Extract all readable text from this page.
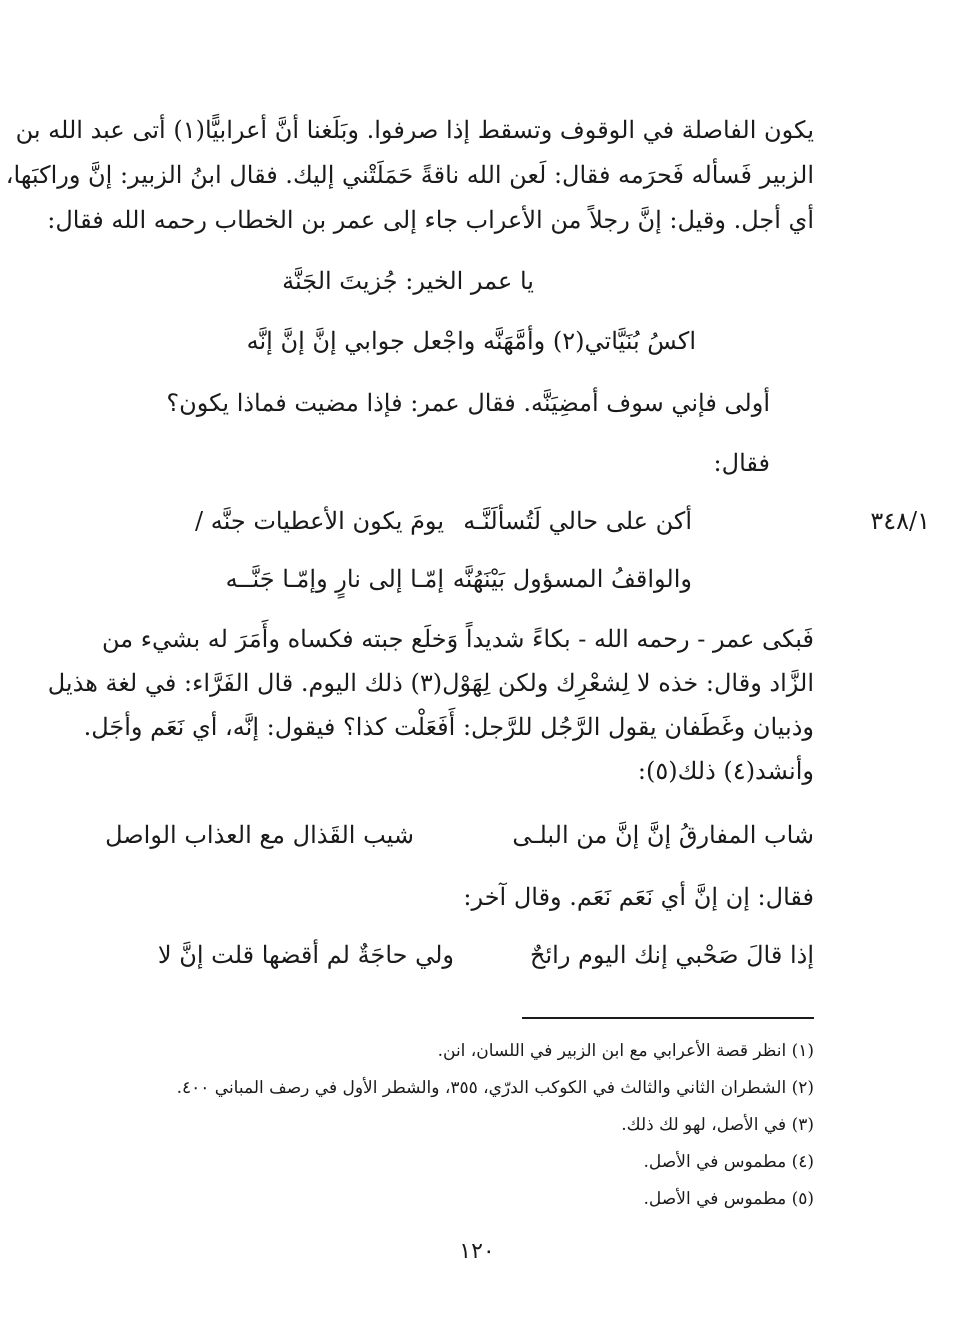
يكون الفاصلة في الوقوف وتسقط إذا صرفوا. وبَلَغنا أنَّ أعرابيًّا(١) أتى عبد الله بن
الزبير فَسأله فَحرَمه فقال: لَعن الله ناقةً حَمَلَتْني إليك. فقال ابنُ الزبير: إنَّ وراكبَها،
أي أجل. وقيل: إنَّ رجلاً من الأعراب جاء إلى عمر بن الخطاب رحمه الله فقال:
يا عمر الخير: جُزيتَ الجَنَّة
اكسُ بُنَيَّاتي(٢) وأمَّهَنَّه واجْعل جوابي إنَّ إنَّ إنَّه
أولى فإني سوف أمضِيَنَّه. فقال عمر: فإذا مضيت فماذا يكون؟
فقال:
٣٤٨/١
أكن على حالي لَتُسألَنَّـه
يومَ يكون الأعطيات جنَّه /
والواقفُ المسؤول بَيْنَهُنَّه
إمّـا إلى نارٍ وإمّـا جَنَّــه
فَبكى عمر - رحمه الله - بكاءً شديداً وَخلَع جبته فكساه وأَمَرَ له بشيء من
الزَّاد وقال: خذه لا لِشعْرِك ولكن لِهَوْل(٣) ذلك اليوم. قال الفَرَّاء: في لغة هذيل
وذبيان وغَطَفان يقول الرَّجُل للرَّجل: أَفَعَلْت كذا؟ فيقول: إنَّه، أي نَعَم وأجَل.
وأنشد(٤) ذلك(٥):
شاب المفارقُ إنَّ إنَّ من البلـى
شيب القَذال مع العذاب الواصل
فقال: إن إنَّ أي نَعَم نَعَم. وقال آخر:
إذا قالَ صَحْبي إنك اليوم رائحٌ
ولي حاجَةٌ لم أقضها قلت إنَّ لا
(١) انظر قصة الأعرابي مع ابن الزبير في اللسان، انن.
(٢) الشطران الثاني والثالث في الكوكب الدرّي، ٣٥٥، والشطر الأول في رصف المباني ٤٠٠.
(٣) في الأصل، لهو لك ذلك.
(٤) مطموس في الأصل.
(٥) مطموس في الأصل.
١٢٠
